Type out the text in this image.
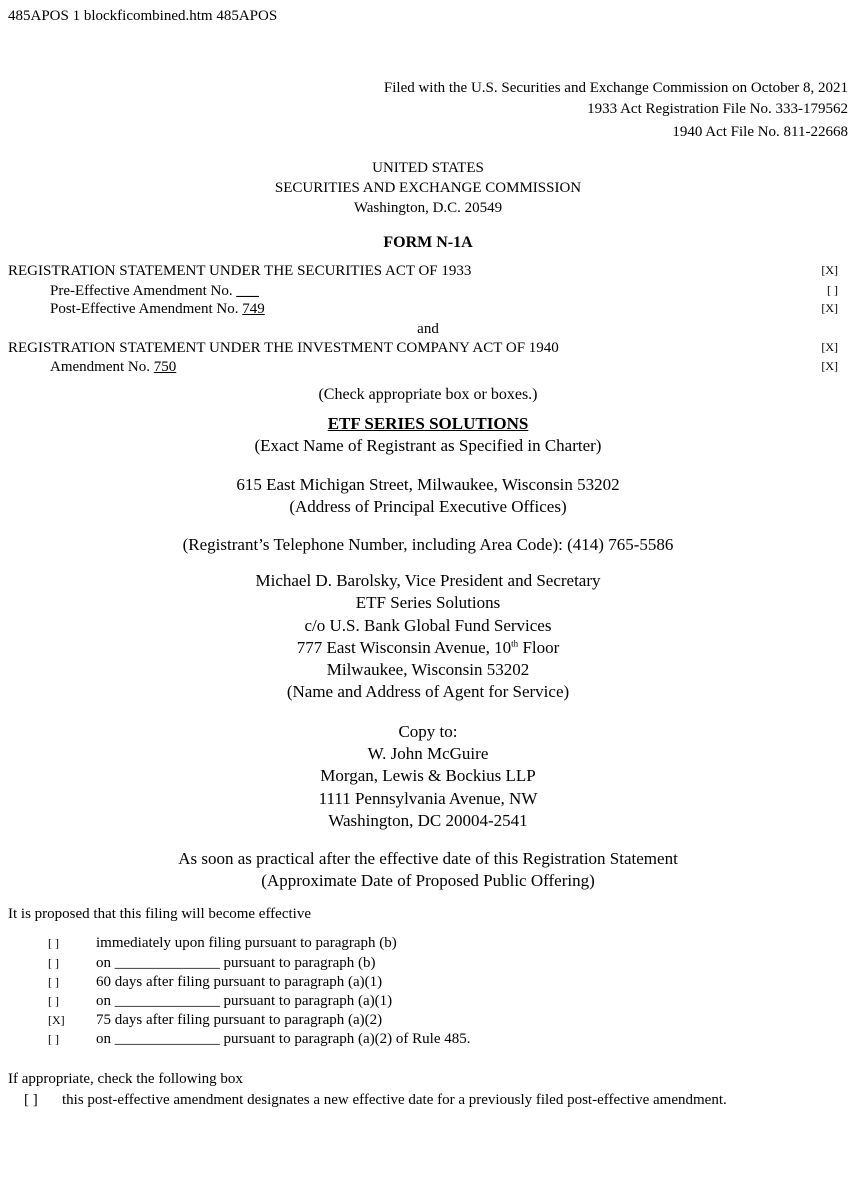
485APOS 1 blockficombined.htm 485APOS
Filed with the U.S. Securities and Exchange Commission on October 8, 2021
1933 Act Registration File No. 333-179562
1940 Act File No. 811-22668
UNITED STATES
SECURITIES AND EXCHANGE COMMISSION
Washington, D.C. 20549
FORM N-1A
REGISTRATION STATEMENT UNDER THE SECURITIES ACT OF 1933	[X]
Pre-Effective Amendment No. ___	[ ]
Post-Effective Amendment No. 749	[X]
and
REGISTRATION STATEMENT UNDER THE INVESTMENT COMPANY ACT OF 1940	[X]
Amendment No. 750	[X]
(Check appropriate box or boxes.)
ETF SERIES SOLUTIONS
(Exact Name of Registrant as Specified in Charter)
615 East Michigan Street, Milwaukee, Wisconsin 53202
(Address of Principal Executive Offices)
(Registrant’s Telephone Number, including Area Code): (414) 765-5586
Michael D. Barolsky, Vice President and Secretary
ETF Series Solutions
c/o U.S. Bank Global Fund Services
777 East Wisconsin Avenue, 10th Floor
Milwaukee, Wisconsin 53202
(Name and Address of Agent for Service)
Copy to:
W. John McGuire
Morgan, Lewis & Bockius LLP
1111 Pennsylvania Avenue, NW
Washington, DC 20004-2541
As soon as practical after the effective date of this Registration Statement
(Approximate Date of Proposed Public Offering)
It is proposed that this filing will become effective
[ ] immediately upon filing pursuant to paragraph (b)
[ ] on ______________ pursuant to paragraph (b)
[ ] 60 days after filing pursuant to paragraph (a)(1)
[ ] on ______________ pursuant to paragraph (a)(1)
[X] 75 days after filing pursuant to paragraph (a)(2)
[ ] on ______________ pursuant to paragraph (a)(2) of Rule 485.
If appropriate, check the following box
[ ] this post-effective amendment designates a new effective date for a previously filed post-effective amendment.
